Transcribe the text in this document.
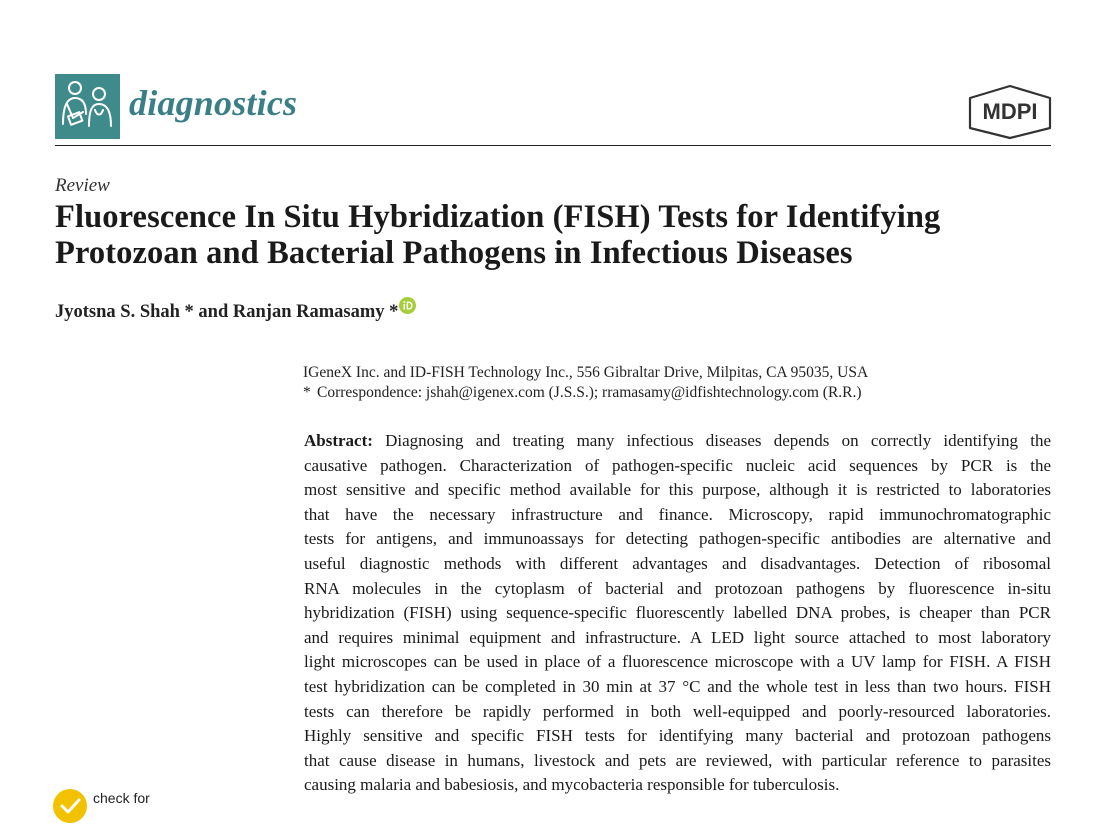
diagnostics	MDPI
Review
Fluorescence In Situ Hybridization (FISH) Tests for Identifying
Protozoan and Bacterial Pathogens in Infectious Diseases
Jyotsna S. Shah * and Ranjan Ramasamy *
IGeneX Inc. and ID-FISH Technology Inc., 556 Gibraltar Drive, Milpitas, CA 95035, USA
* Correspondence: jshah@igenex.com (J.S.S.); rramasamy@idfishtechnology.com (R.R.)
Abstract: Diagnosing and treating many infectious diseases depends on correctly identifying the
causative pathogen. Characterization of pathogen-specific nucleic acid sequences by PCR is the
most sensitive and specific method available for this purpose, although it is restricted to laboratories
that have the necessary infrastructure and finance. Microscopy, rapid immunochromatographic
tests for antigens, and immunoassays for detecting pathogen-specific antibodies are alternative and
useful diagnostic methods with different advantages and disadvantages. Detection of ribosomal
RNA molecules in the cytoplasm of bacterial and protozoan pathogens by fluorescence in-situ
hybridization (FISH) using sequence-specific fluorescently labelled DNA probes, is cheaper than PCR
and requires minimal equipment and infrastructure. A LED light source attached to most laboratory
light microscopes can be used in place of a fluorescence microscope with a UV lamp for FISH. A FISH
test hybridization can be completed in 30 min at 37 °C and the whole test in less than two hours. FISH
tests can therefore be rapidly performed in both well-equipped and poorly-resourced laboratories.
Highly sensitive and specific FISH tests for identifying many bacterial and protozoan pathogens
that cause disease in humans, livestock and pets are reviewed, with particular reference to parasites
causing malaria and babesiosis, and mycobacteria responsible for tuberculosis.
check for
